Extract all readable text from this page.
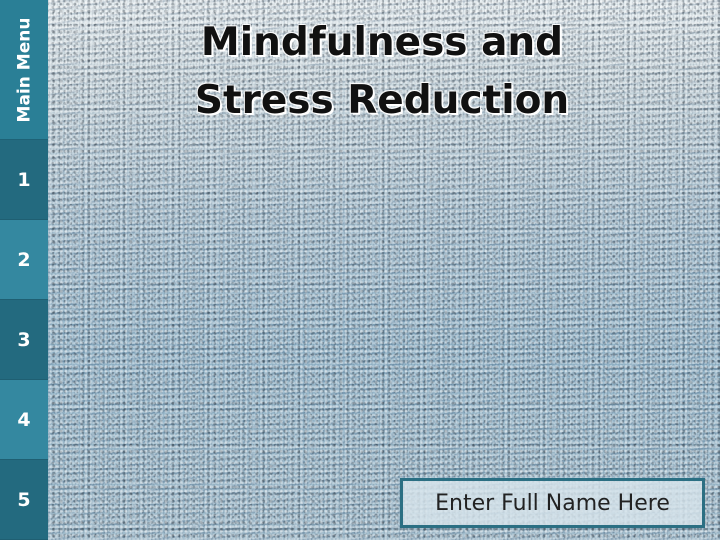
Main Menu
1
2
3
4
5
Mindfulness and
Stress Reduction
Enter Full Name Here
